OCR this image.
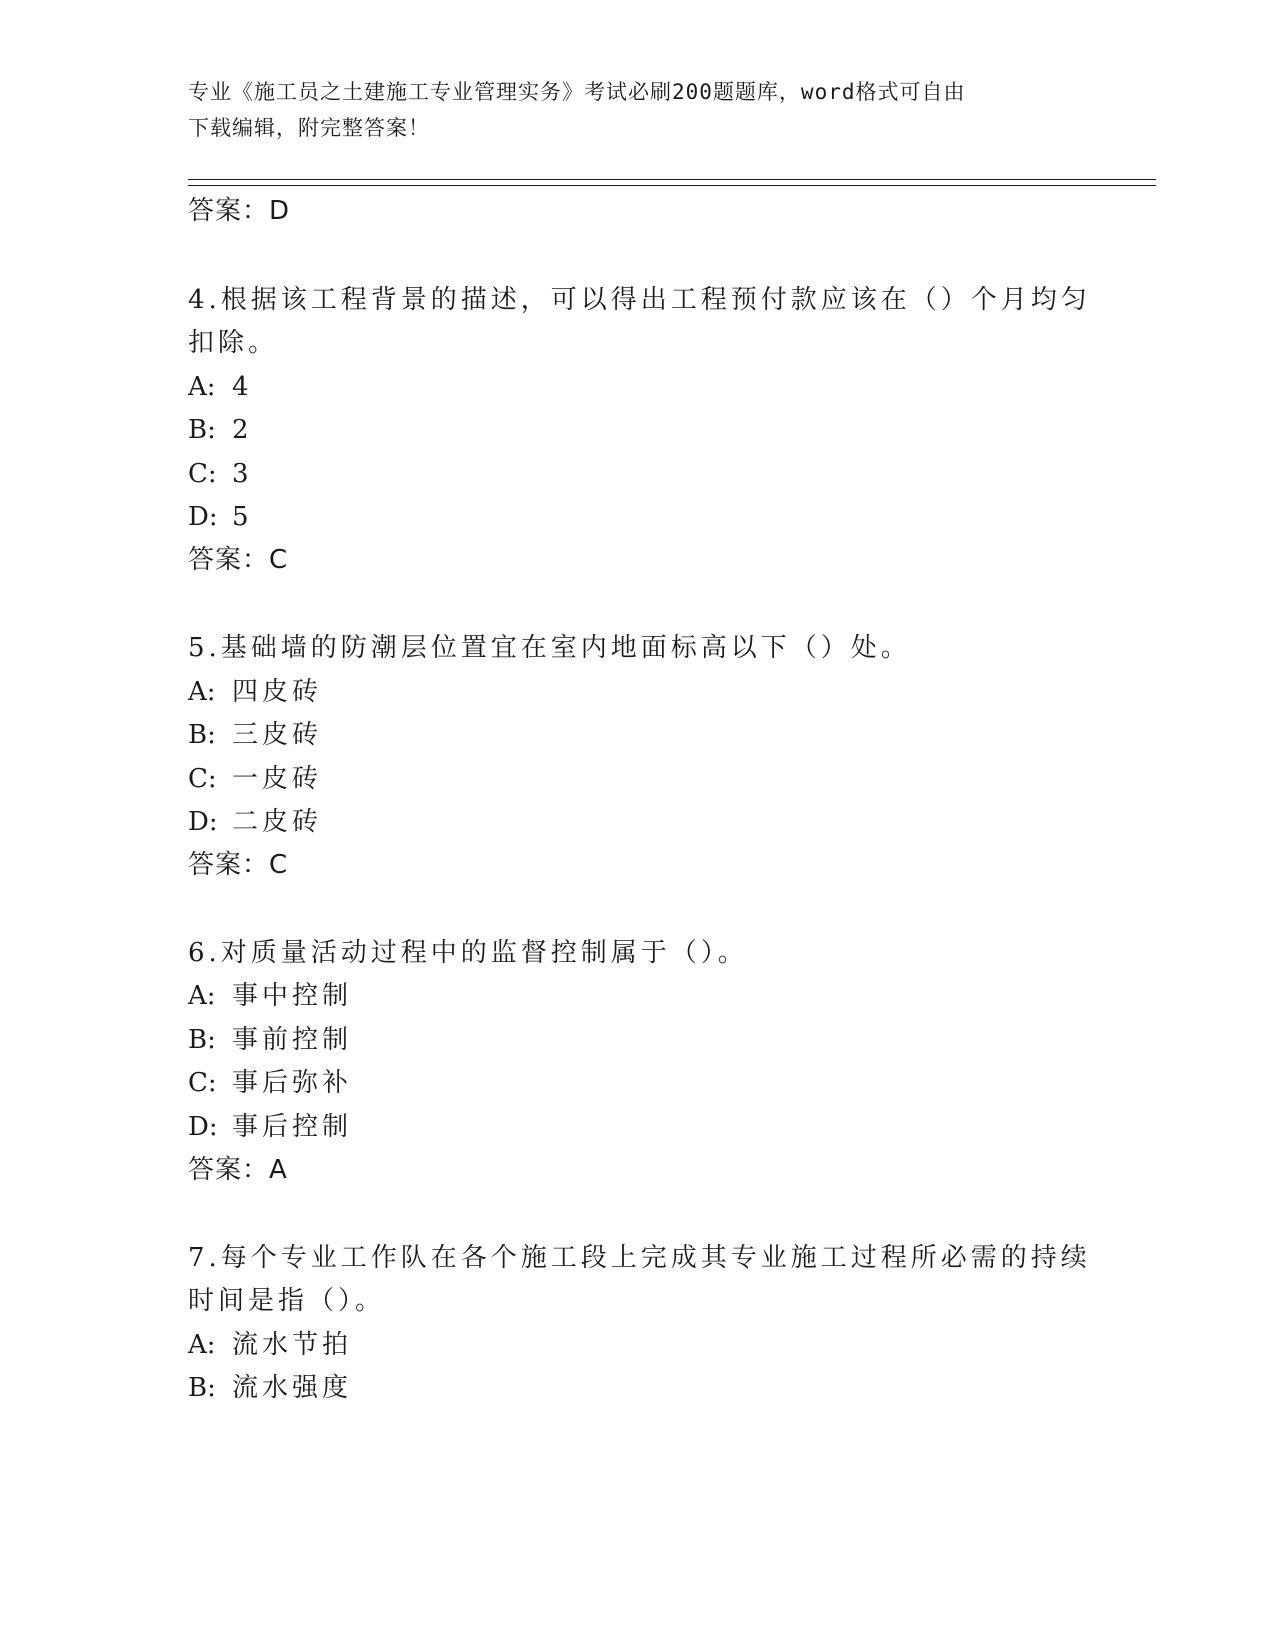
专业《施工员之土建施工专业管理实务》考试必刷200题题库，word格式可自由
下载编辑，附完整答案！
答案：D
4.根据该工程背景的描述，可以得出工程预付款应该在（）个月均匀
扣除。
A: 4
B: 2
C: 3
D: 5
答案：C
5.基础墙的防潮层位置宜在室内地面标高以下（）处。
A: 四皮砖
B: 三皮砖
C: 一皮砖
D: 二皮砖
答案：C
6.对质量活动过程中的监督控制属于（）。
A: 事中控制
B: 事前控制
C: 事后弥补
D: 事后控制
答案：A
7.每个专业工作队在各个施工段上完成其专业施工过程所必需的持续
时间是指（）。
A: 流水节拍
B: 流水强度
